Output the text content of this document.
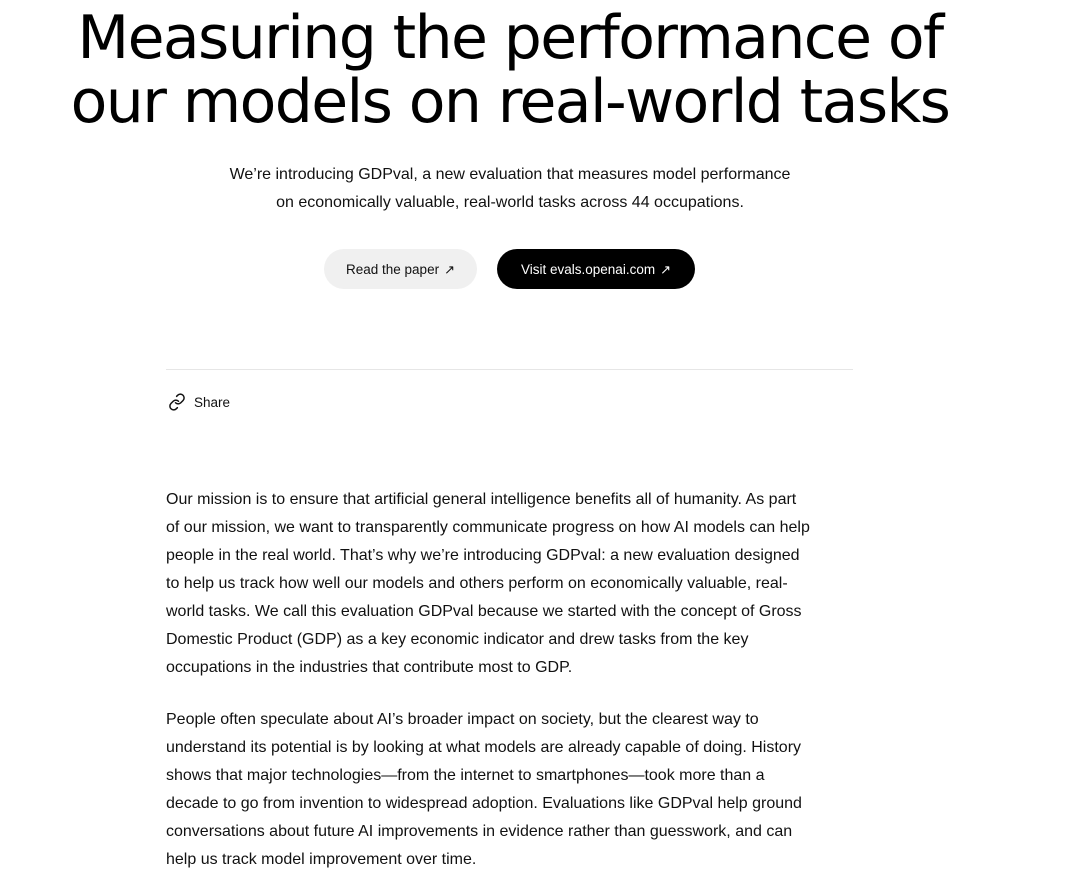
Measuring the performance of
our models on real-world tasks

We’re introducing GDPval, a new evaluation that measures model performance
on economically valuable, real-world tasks across 44 occupations.

Read the paper ↗	Visit evals.openai.com ↗
Share

Our mission is to ensure that artificial general intelligence benefits all of humanity. As part
of our mission, we want to transparently communicate progress on how AI models can help
people in the real world. That’s why we’re introducing GDPval: a new evaluation designed
to help us track how well our models and others perform on economically valuable, real-
world tasks. We call this evaluation GDPval because we started with the concept of Gross
Domestic Product (GDP) as a key economic indicator and drew tasks from the key
occupations in the industries that contribute most to GDP.

People often speculate about AI’s broader impact on society, but the clearest way to
understand its potential is by looking at what models are already capable of doing. History
shows that major technologies—from the internet to smartphones—took more than a
decade to go from invention to widespread adoption. Evaluations like GDPval help ground
conversations about future AI improvements in evidence rather than guesswork, and can
help us track model improvement over time.
